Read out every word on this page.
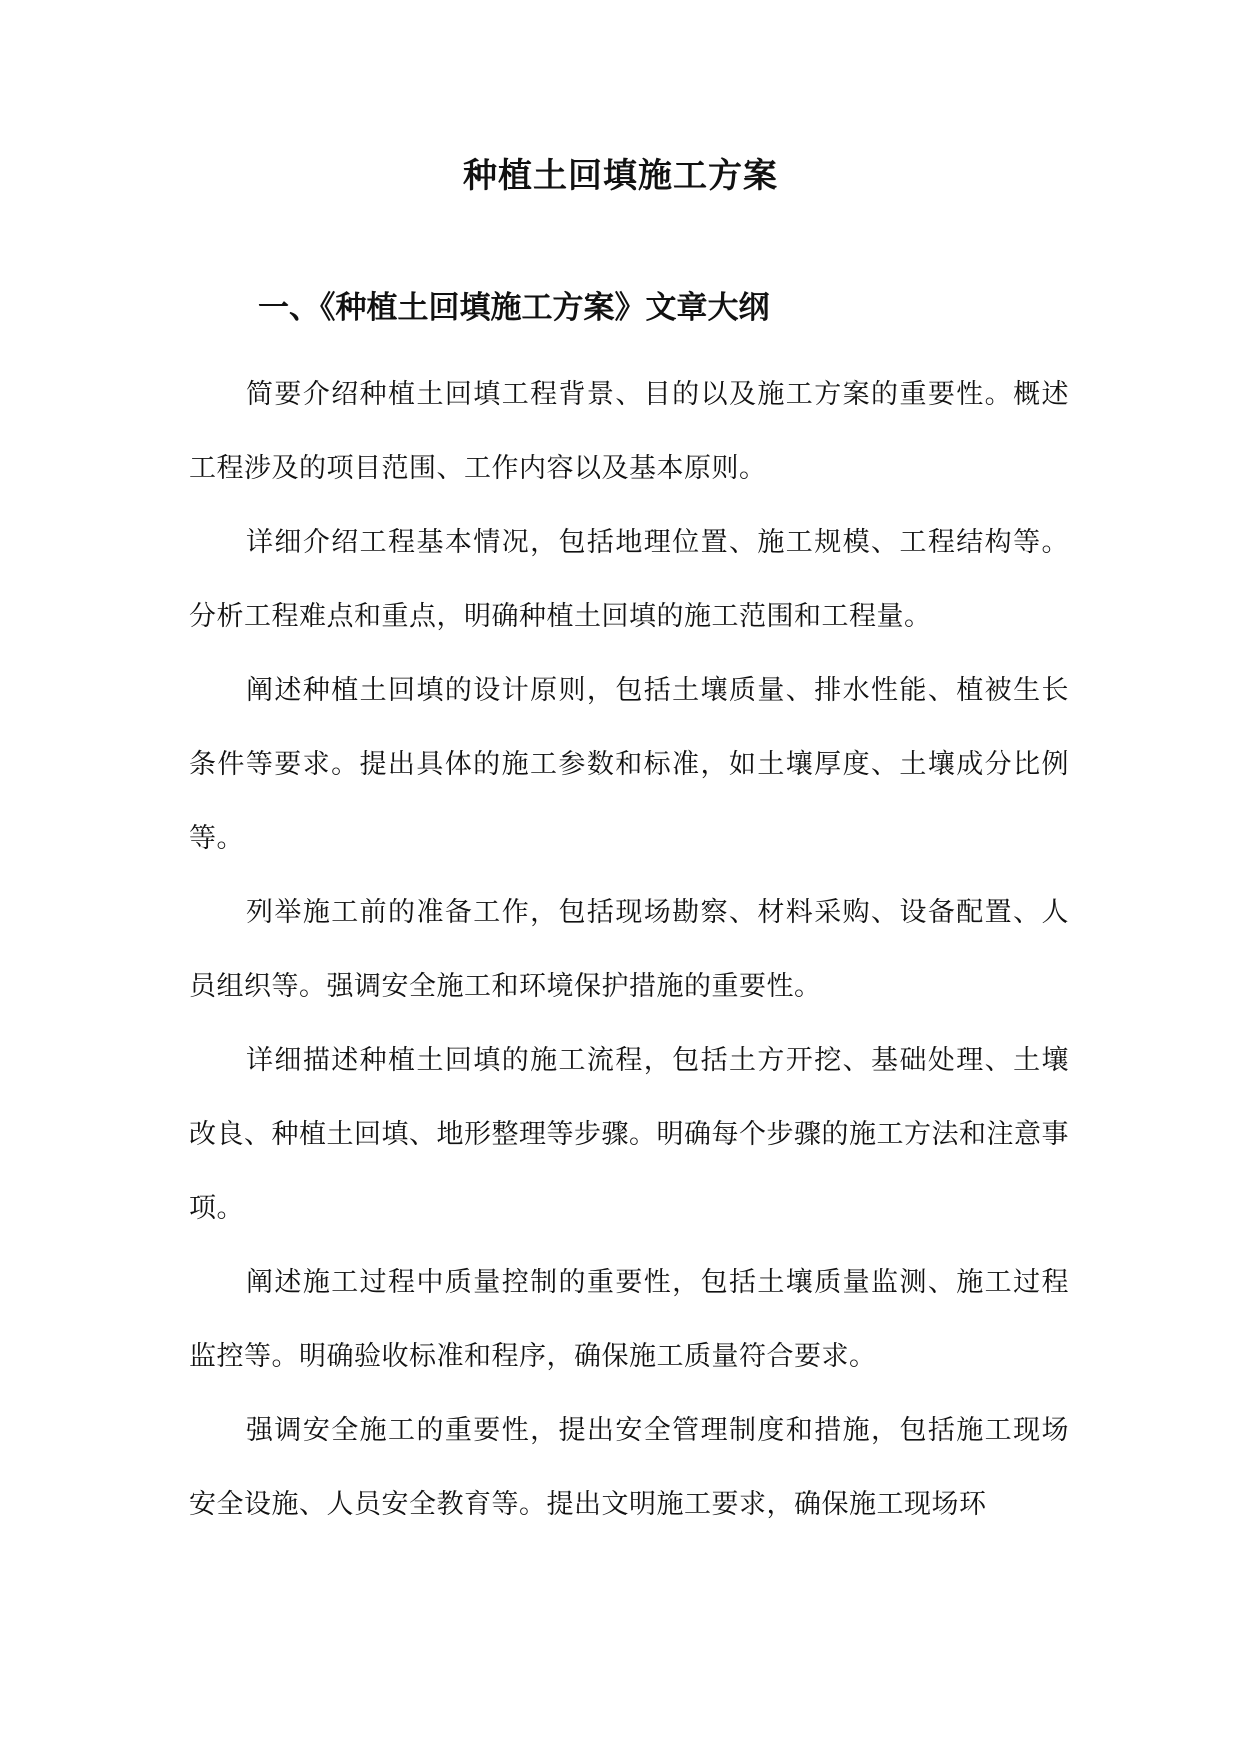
种植土回填施工方案
一、《种植土回填施工方案》文章大纲

简要介绍种植土回填工程背景、目的以及施工方案的重要性。概述工程涉及的项目范围、工作内容以及基本原则。

详细介绍工程基本情况，包括地理位置、施工规模、工程结构等。分析工程难点和重点，明确种植土回填的施工范围和工程量。

阐述种植土回填的设计原则，包括土壤质量、排水性能、植被生长条件等要求。提出具体的施工参数和标准，如土壤厚度、土壤成分比例等。

列举施工前的准备工作，包括现场勘察、材料采购、设备配置、人员组织等。强调安全施工和环境保护措施的重要性。

详细描述种植土回填的施工流程，包括土方开挖、基础处理、土壤改良、种植土回填、地形整理等步骤。明确每个步骤的施工方法和注意事项。

阐述施工过程中质量控制的重要性，包括土壤质量监测、施工过程监控等。明确验收标准和程序，确保施工质量符合要求。

强调安全施工的重要性，提出安全管理制度和措施，包括施工现场安全设施、人员安全教育等。提出文明施工要求，确保施工现场环
